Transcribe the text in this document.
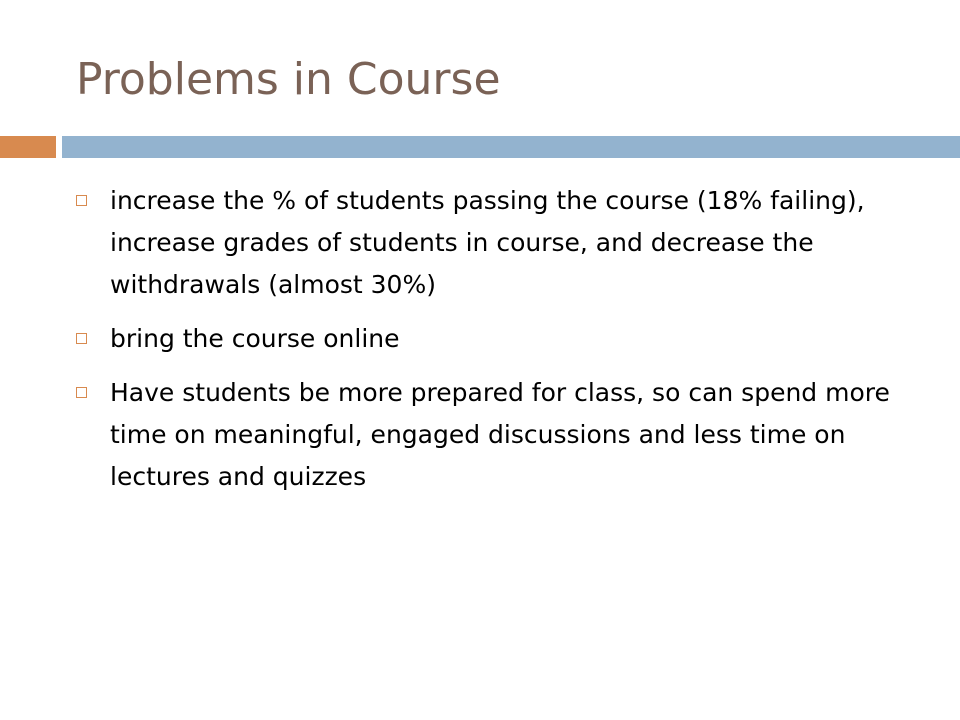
Problems in Course
increase the % of students passing the course (18% failing), increase grades of students in course, and decrease the withdrawals (almost 30%)
bring the course online
Have students be more prepared for class, so can spend more time on meaningful, engaged discussions and less time on lectures and quizzes
